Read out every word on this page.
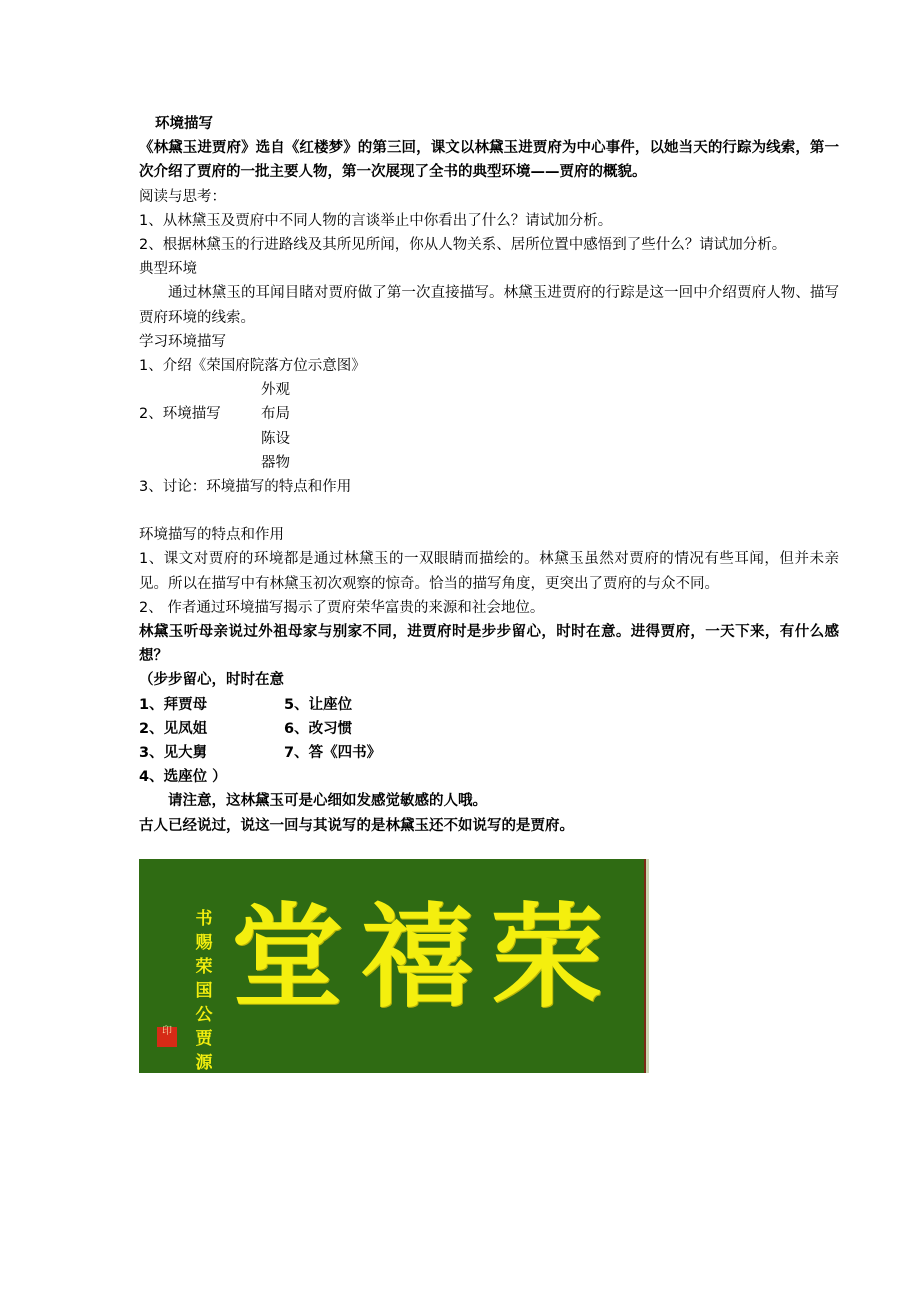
环境描写
《林黛玉进贾府》选自《红楼梦》的第三回，课文以林黛玉进贾府为中心事件，以她当天的行踪为线索，第一次介绍了贾府的一批主要人物，第一次展现了全书的典型环境——贾府的概貌。
阅读与思考：
1、从林黛玉及贾府中不同人物的言谈举止中你看出了什么？请试加分析。
2、根据林黛玉的行进路线及其所见所闻，你从人物关系、居所位置中感悟到了些什么？请试加分析。
典型环境
通过林黛玉的耳闻目睹对贾府做了第一次直接描写。林黛玉进贾府的行踪是这一回中介绍贾府人物、描写贾府环境的线索。
学习环境描写
1、介绍《荣国府院落方位示意图》
外观
2、环境描写	布局
陈设
器物
3、讨论：环境描写的特点和作用
环境描写的特点和作用
1、课文对贾府的环境都是通过林黛玉的一双眼睛而描绘的。林黛玉虽然对贾府的情况有些耳闻，但并未亲见。所以在描写中有林黛玉初次观察的惊奇。恰当的描写角度，更突出了贾府的与众不同。
2、 作者通过环境描写揭示了贾府荣华富贵的来源和社会地位。
林黛玉听母亲说过外祖母家与别家不同，进贾府时是步步留心，时时在意。进得贾府，一天下来，有什么感想？
（步步留心，时时在意
1、拜贾母	5、让座位
2、见凤姐	6、改习惯
3、见大舅	7、答《四书》
4、选座位 ）
请注意，这林黛玉可是心细如发感觉敏感的人哦。
古人已经说过，说这一回与其说写的是林黛玉还不如说写的是贾府。
书赐荣国公贾源
印
堂 禧 荣
